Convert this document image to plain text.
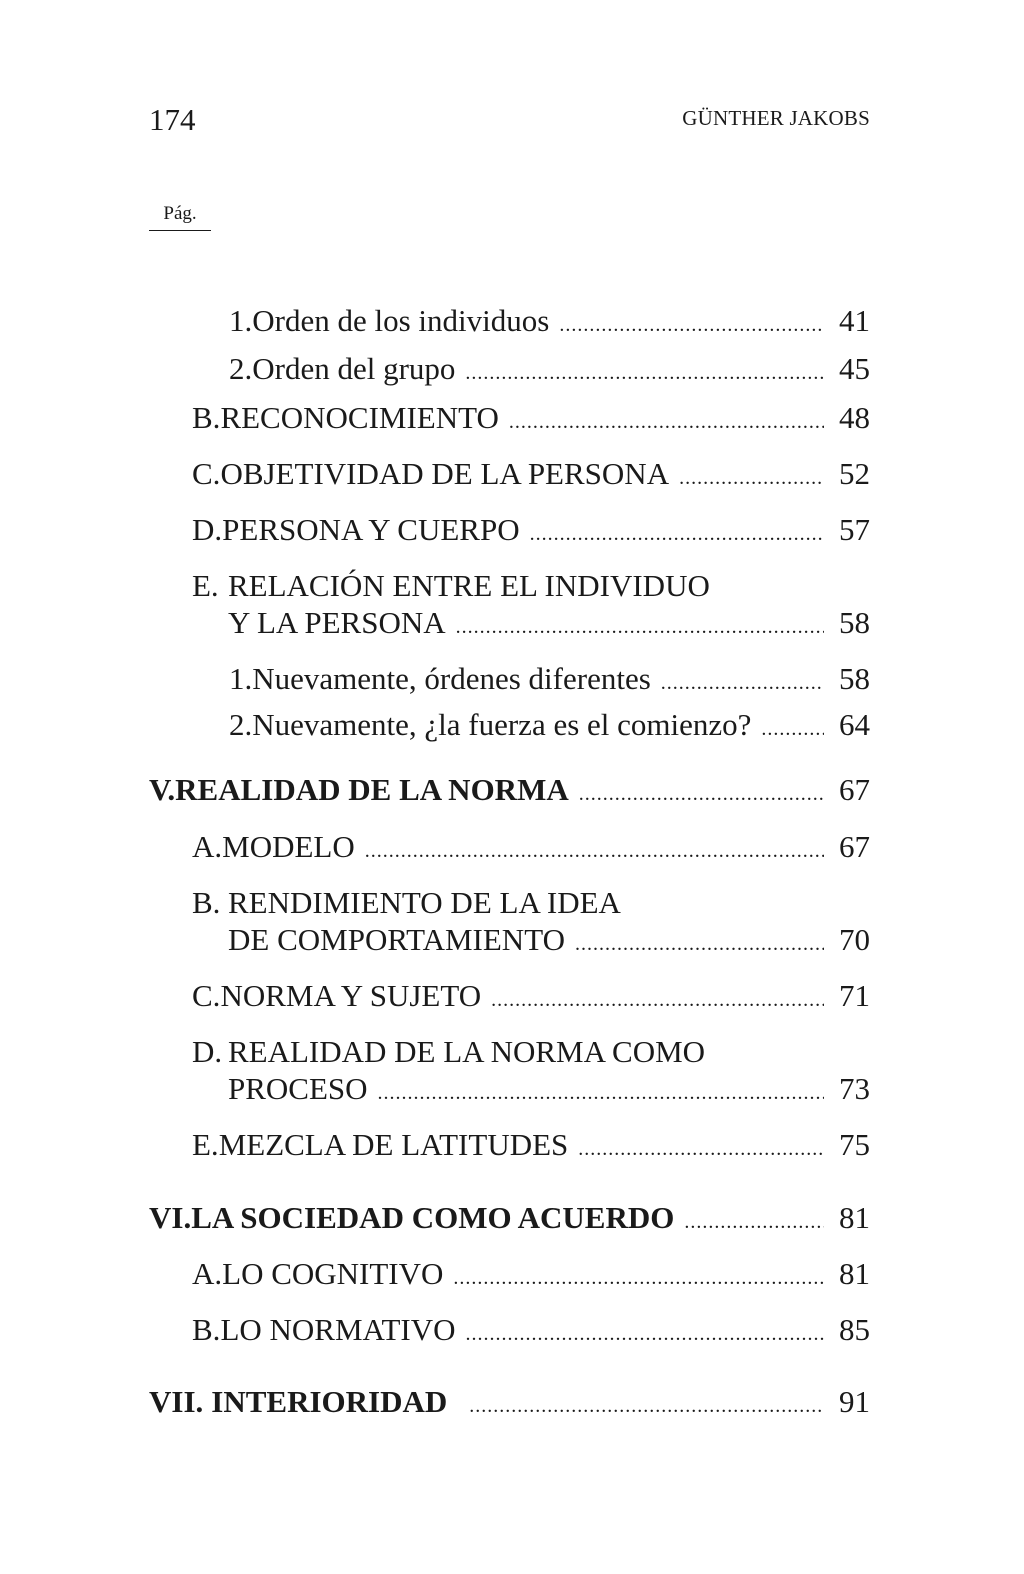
174	GÜNTHER JAKOBS
Pág.
1. Orden de los individuos .....	41
2. Orden del grupo .....	45
B. RECONOCIMIENTO .....	48
C. OBJETIVIDAD DE LA PERSONA .....	52
D. PERSONA Y CUERPO .....	57
E. RELACIÓN ENTRE EL INDIVIDUO
Y LA PERSONA .....	58
1. Nuevamente, órdenes diferentes .....	58
2. Nuevamente, ¿la fuerza es el comienzo? .....	64
V. REALIDAD DE LA NORMA .....	67
A. MODELO .....	67
B. RENDIMIENTO DE LA IDEA
DE COMPORTAMIENTO .....	70
C. NORMA Y SUJETO .....	71
D. REALIDAD DE LA NORMA COMO
PROCESO .....	73
E. MEZCLA DE LATITUDES .....	75
VI. LA SOCIEDAD COMO ACUERDO .....	81
A. LO COGNITIVO .....	81
B. LO NORMATIVO .....	85
VII. INTERIORIDAD .....	91
